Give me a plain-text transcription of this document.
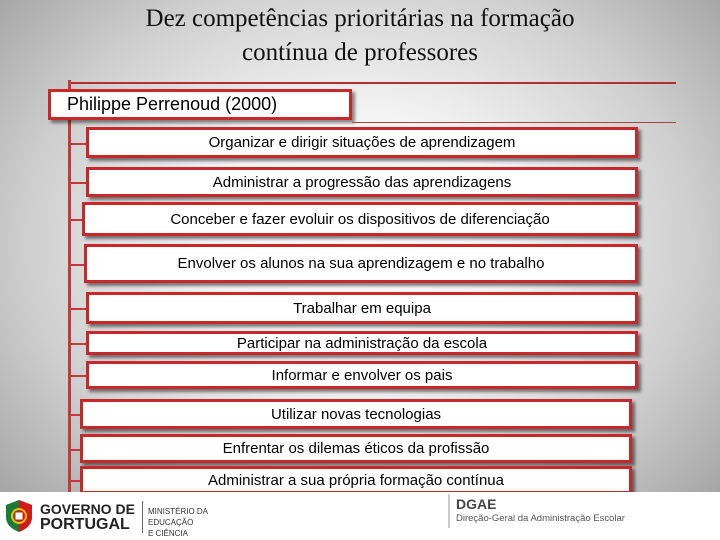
Dez competências prioritárias na formação
contínua de professores
Philippe Perrenoud (2000)
Organizar e dirigir situações de aprendizagem
Administrar a progressão das aprendizagens
Conceber e fazer evoluir os dispositivos de diferenciação
Envolver os alunos na sua aprendizagem e no trabalho
Trabalhar em equipa
Participar na administração da escola
Informar e envolver os pais
Utilizar novas tecnologias
Enfrentar os dilemas éticos da profissão
Administrar a sua própria formação contínua
GOVERNO DE
PORTUGAL
MINISTÉRIO DA EDUCAÇÃO
E CIÊNCIA
DGAE
Direção-Geral da Administração Escolar
